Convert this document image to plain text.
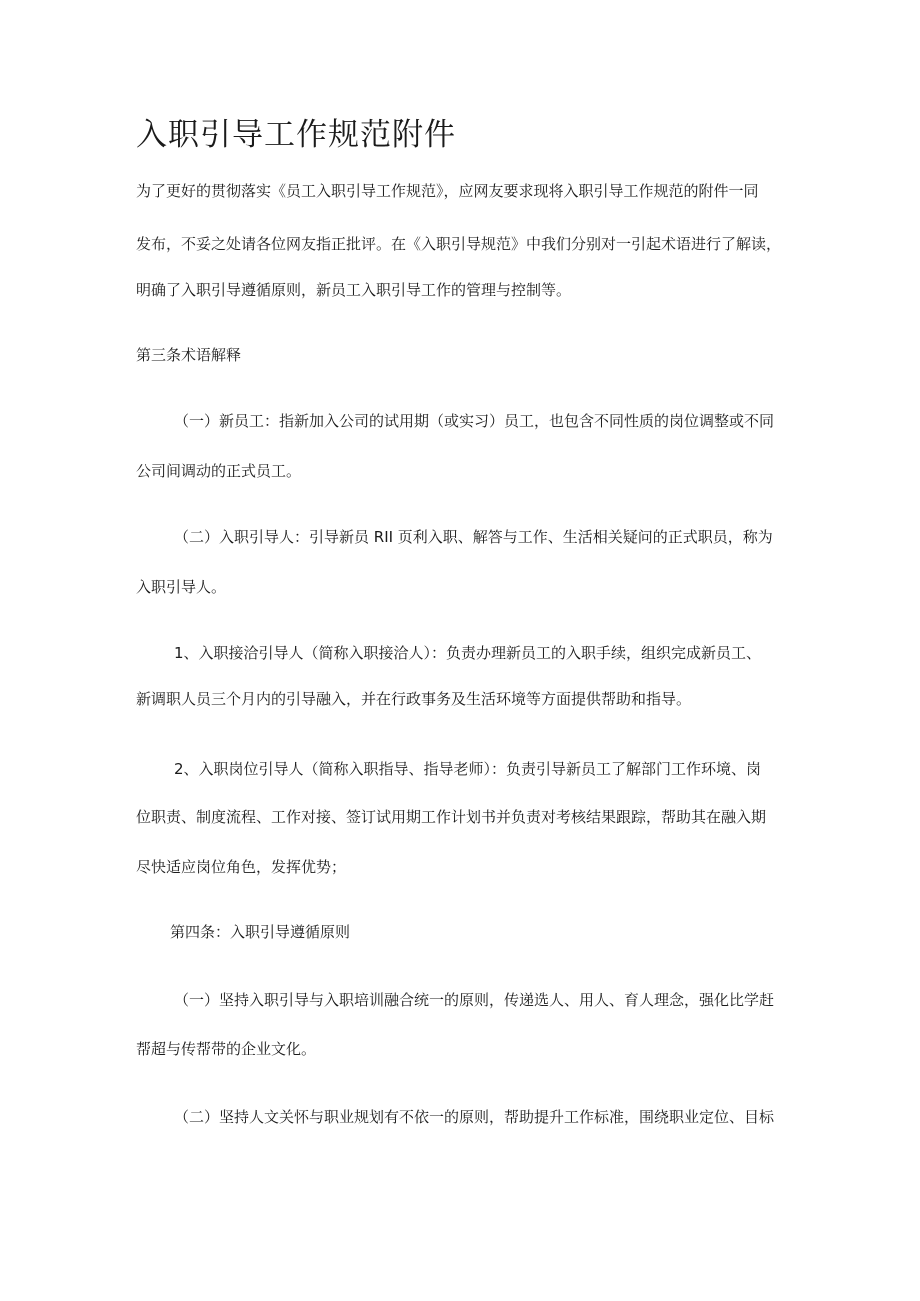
入职引导工作规范附件

为了更好的贯彻落实《员工入职引导工作规范》，应网友要求现将入职引导工作规范的附件一同

发布，不妥之处请各位网友指正批评。在《入职引导规范》中我们分别对一引起术语进行了解读，

明确了入职引导遵循原则，新员工入职引导工作的管理与控制等。

第三条术语解释

（一）新员工：指新加入公司的试用期（或实习）员工，也包含不同性质的岗位调整或不同

公司间调动的正式员工。

（二）入职引导人：引导新员 RII 页利入职、解答与工作、生活相关疑问的正式职员，称为

入职引导人。

1、入职接洽引导人（简称入职接洽人）：负责办理新员工的入职手续，组织完成新员工、

新调职人员三个月内的引导融入，并在行政事务及生活环境等方面提供帮助和指导。

2、入职岗位引导人（简称入职指导、指导老师）：负责引导新员工了解部门工作环境、岗

位职责、制度流程、工作对接、签订试用期工作计划书并负责对考核结果跟踪，帮助其在融入期

尽快适应岗位角色，发挥优势；

第四条：入职引导遵循原则

（一）坚持入职引导与入职培训融合统一的原则，传递选人、用人、育人理念，强化比学赶

帮超与传帮带的企业文化。

（二）坚持人文关怀与职业规划有不依一的原则，帮助提升工作标准，围绕职业定位、目标
